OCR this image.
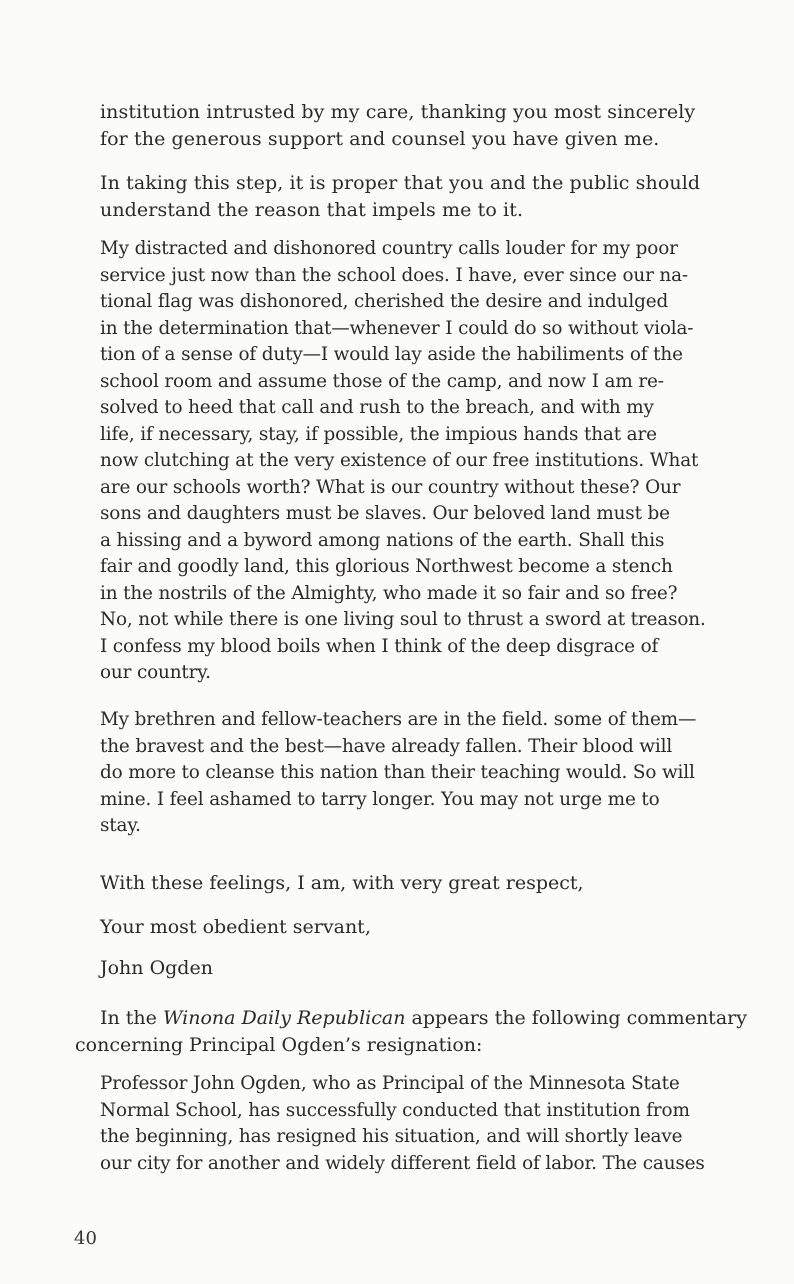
institution intrusted by my care, thanking you most sincerely
for the generous support and counsel you have given me.

In taking this step, it is proper that you and the public should
understand the reason that impels me to it.

My distracted and dishonored country calls louder for my poor
service just now than the school does. I have, ever since our na-
tional flag was dishonored, cherished the desire and indulged
in the determination that—whenever I could do so without viola-
tion of a sense of duty—I would lay aside the habiliments of the
school room and assume those of the camp, and now I am re-
solved to heed that call and rush to the breach, and with my
life, if necessary, stay, if possible, the impious hands that are
now clutching at the very existence of our free institutions. What
are our schools worth? What is our country without these? Our
sons and daughters must be slaves. Our beloved land must be
a hissing and a byword among nations of the earth. Shall this
fair and goodly land, this glorious Northwest become a stench
in the nostrils of the Almighty, who made it so fair and so free?
No, not while there is one living soul to thrust a sword at treason.
I confess my blood boils when I think of the deep disgrace of
our country.

My brethren and fellow-teachers are in the field. some of them—
the bravest and the best—have already fallen. Their blood will
do more to cleanse this nation than their teaching would. So will
mine. I feel ashamed to tarry longer. You may not urge me to
stay.

With these feelings, I am, with very great respect,

Your most obedient servant,

John Ogden

In the Winona Daily Republican appears the following commentary
concerning Principal Ogden’s resignation:

Professor John Ogden, who as Principal of the Minnesota State
Normal School, has successfully conducted that institution from
the beginning, has resigned his situation, and will shortly leave
our city for another and widely different field of labor. The causes

40
